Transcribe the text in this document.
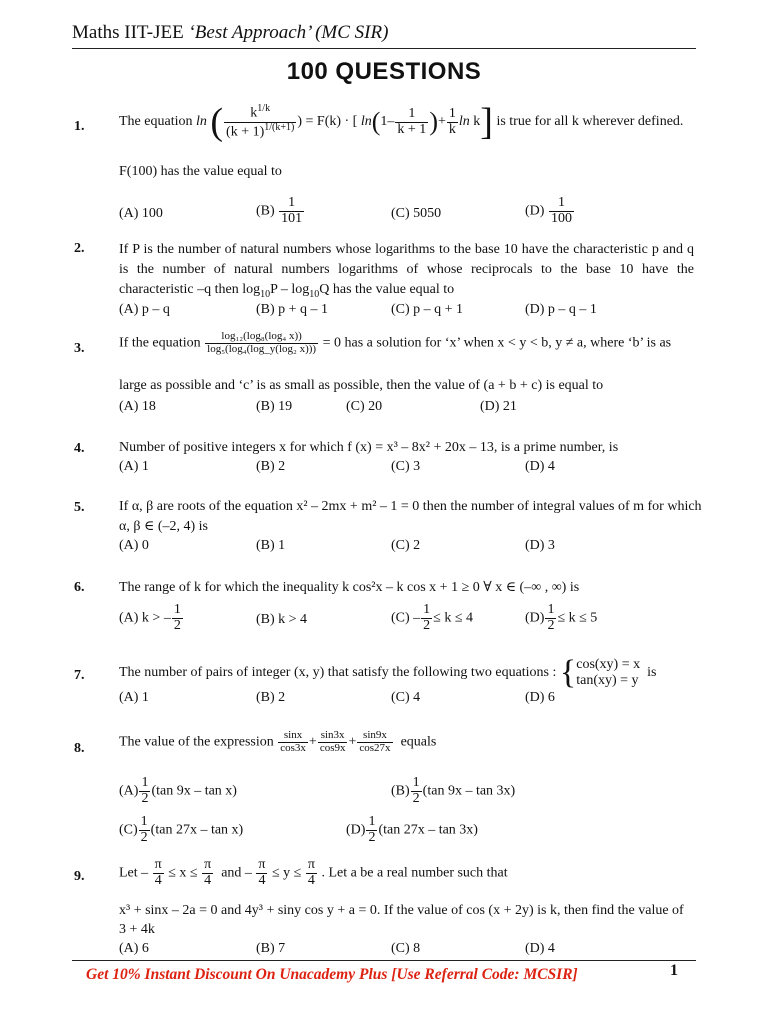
Maths IIT-JEE ‘Best Approach’ (MC SIR)
100 QUESTIONS
1. The equation ln ( $\frac{k^{1/k}}{(k + 1)^{1/(k+1)}}$ ) = F(k) · [ $\ln(1- \frac{1}{k + 1}$ )+ $\frac{1}{k}$ ln k] is true for all k wherever defined.
F(100) has the value equal to
(A) 100	$(B) \frac{1}{101}$	(C) 5050	$(D) \frac{1}{100}$
2. If P is the number of natural numbers whose logarithms to the base 10 have the characteristic p and q is the number of natural numbers logarithms of whose reciprocals to the base 10 have the characteristic –q then $\log_{10}P - \log_{10}Q$ has the value equal to
(A) p – q	(B) p + q – 1	(C) p – q + 1	(D) p – q – 1
3. If the equation $\frac{\text{log₁₂(log₈(log₄ x))}}{\text{log₅(log₄(log\_y(log₂ x)))}} = 0$ has a solution for ‘x’ when x < y < b, y ≠ a, where ‘b’ is as
large as possible and ‘c’ is as small as possible, then the value of (a + b + c) is equal to
(A) 18	(B) 19	(C) 20	(D) 21
4. Number of positive integers x for which f (x) = x³ – 8x² + 20x – 13, is a prime number, is
(A) 1	(B) 2	(C) 3	(D) 4
5. If α, β are roots of the equation x² – 2mx + m² – 1 = 0 then the number of integral values of m for which
α, β ∈ (–2, 4) is
(A) 0	(B) 1	(C) 2	(D) 3
6. The range of k for which the inequality k cos²x – k cos x + 1 ≥ 0 ∀ x ∈ (–∞ , ∞) is
(A) k > – $\frac{1}{2}$	(B) k > 4	$(C) - \frac{1}{2} \le k \le 4$	$(D) \frac{1}{2} \le k \le 5$
7. The number of pairs of integer (x, y) that satisfy the following two equations : {cos(xy) = x
tan(xy) = y  is
(A) 1	(B) 2	(C) 4	(D) 6
8. The value of the expression $\frac{\sin x}{\cos 3x} + \frac{\sin 3x}{\cos 9x} + \frac{\sin 9x}{\cos 27x}$ equals
$(A) \frac{1}{2} (\tan$ 9x – tan x)	$(B) \frac{1}{2} (\tan$ 9x – tan 3x)
$(C) \frac{1}{2} (\tan$ 27x – tan x)	$(D) \frac{1}{2} (\tan$ 27x – tan 3x)
9. Let – $\frac{\pi}{4} \le x \le \frac{\pi}{4}$ and – $\frac{\pi}{4} \le y \le \frac{\pi}{4}$ . Let a be a real number such that
x³ + sinx – 2a = 0 and 4y³ + siny cos y + a = 0. If the value of cos (x + 2y) is k, then find the value of
3 + 4k
(A) 6	(B) 7	(C) 8	(D) 4
Get 10% Instant Discount On Unacademy Plus [Use Referral Code: MCSIR]	1
